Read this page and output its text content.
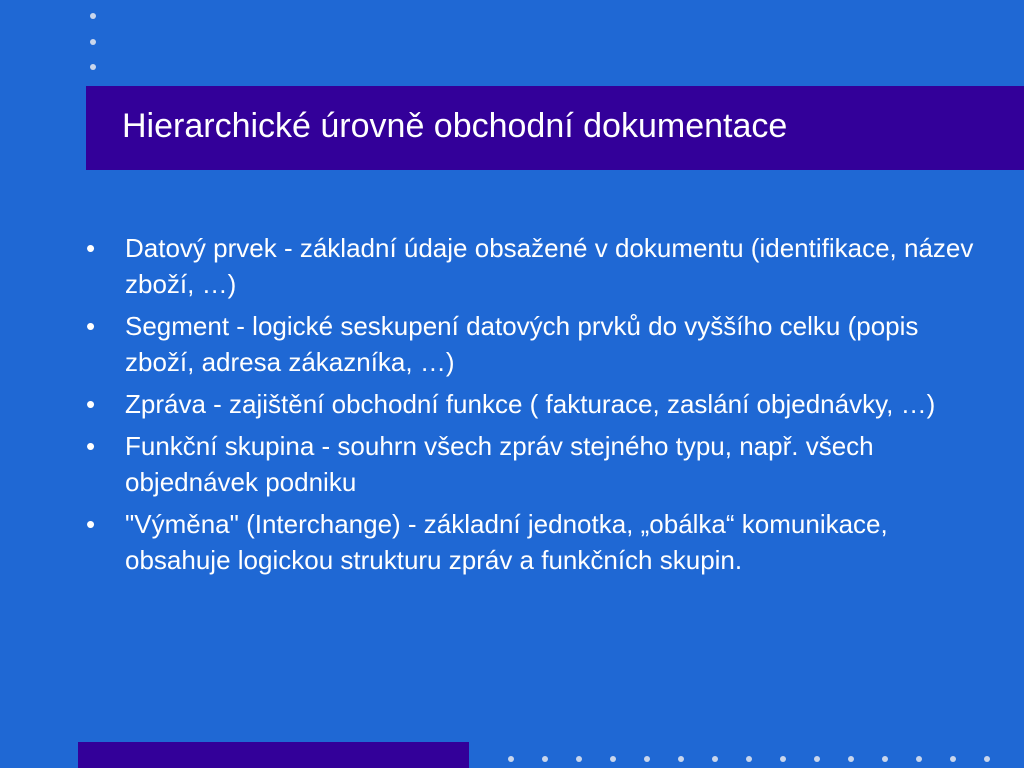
Hierarchické úrovně obchodní dokumentace
• Datový prvek - základní údaje obsažené v dokumentu (identifikace, název zboží, …)
• Segment - logické seskupení datových prvků do vyššího celku (popis zboží, adresa zákazníka, …)
• Zpráva - zajištění obchodní funkce ( fakturace, zaslání objednávky, …)
• Funkční skupina - souhrn všech zpráv stejného typu, např. všech objednávek podniku
• "Výměna" (Interchange) - základní jednotka, „obálka“ komunikace, obsahuje logickou strukturu zpráv a funkčních skupin.
